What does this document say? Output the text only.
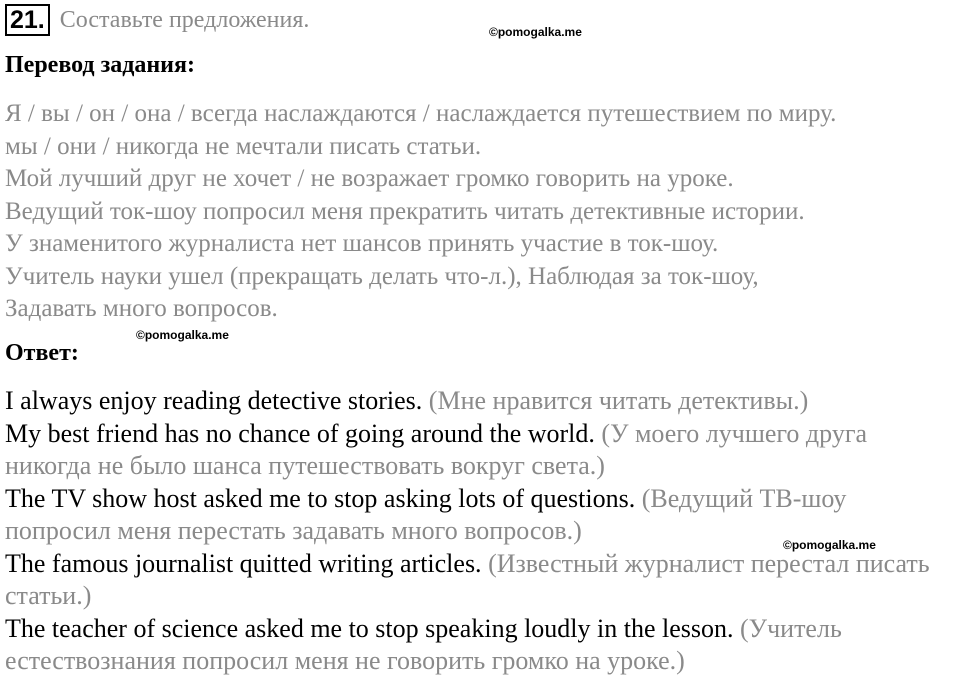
21. Составьте предложения.	©pomogalka.me
Перевод задания:
Я / вы / он / она / всегда наслаждаются / наслаждается путешествием по миру.
мы / они / никогда не мечтали писать статьи.
Мой лучший друг не хочет / не возражает громко говорить на уроке.
Ведущий ток-шоу попросил меня прекратить читать детективные истории.
У знаменитого журналиста нет шансов принять участие в ток-шоу.
Учитель науки ушел (прекращать делать что-л.), Наблюдая за ток-шоу,
Задавать много вопросов.
©pomogalka.me
Ответ:
I always enjoy reading detective stories. (Мне нравится читать детективы.)
My best friend has no chance of going around the world. (У моего лучшего друга никогда не было шанса путешествовать вокруг света.)
The TV show host asked me to stop asking lots of questions. (Ведущий ТВ-шоу попросил меня перестать задавать много вопросов.)
The famous journalist quitted writing articles. (Известный журналист перестал писать статьи.)
The teacher of science asked me to stop speaking loudly in the lesson. (Учитель естествознания попросил меня не говорить громко на уроке.)
©pomogalka.me
